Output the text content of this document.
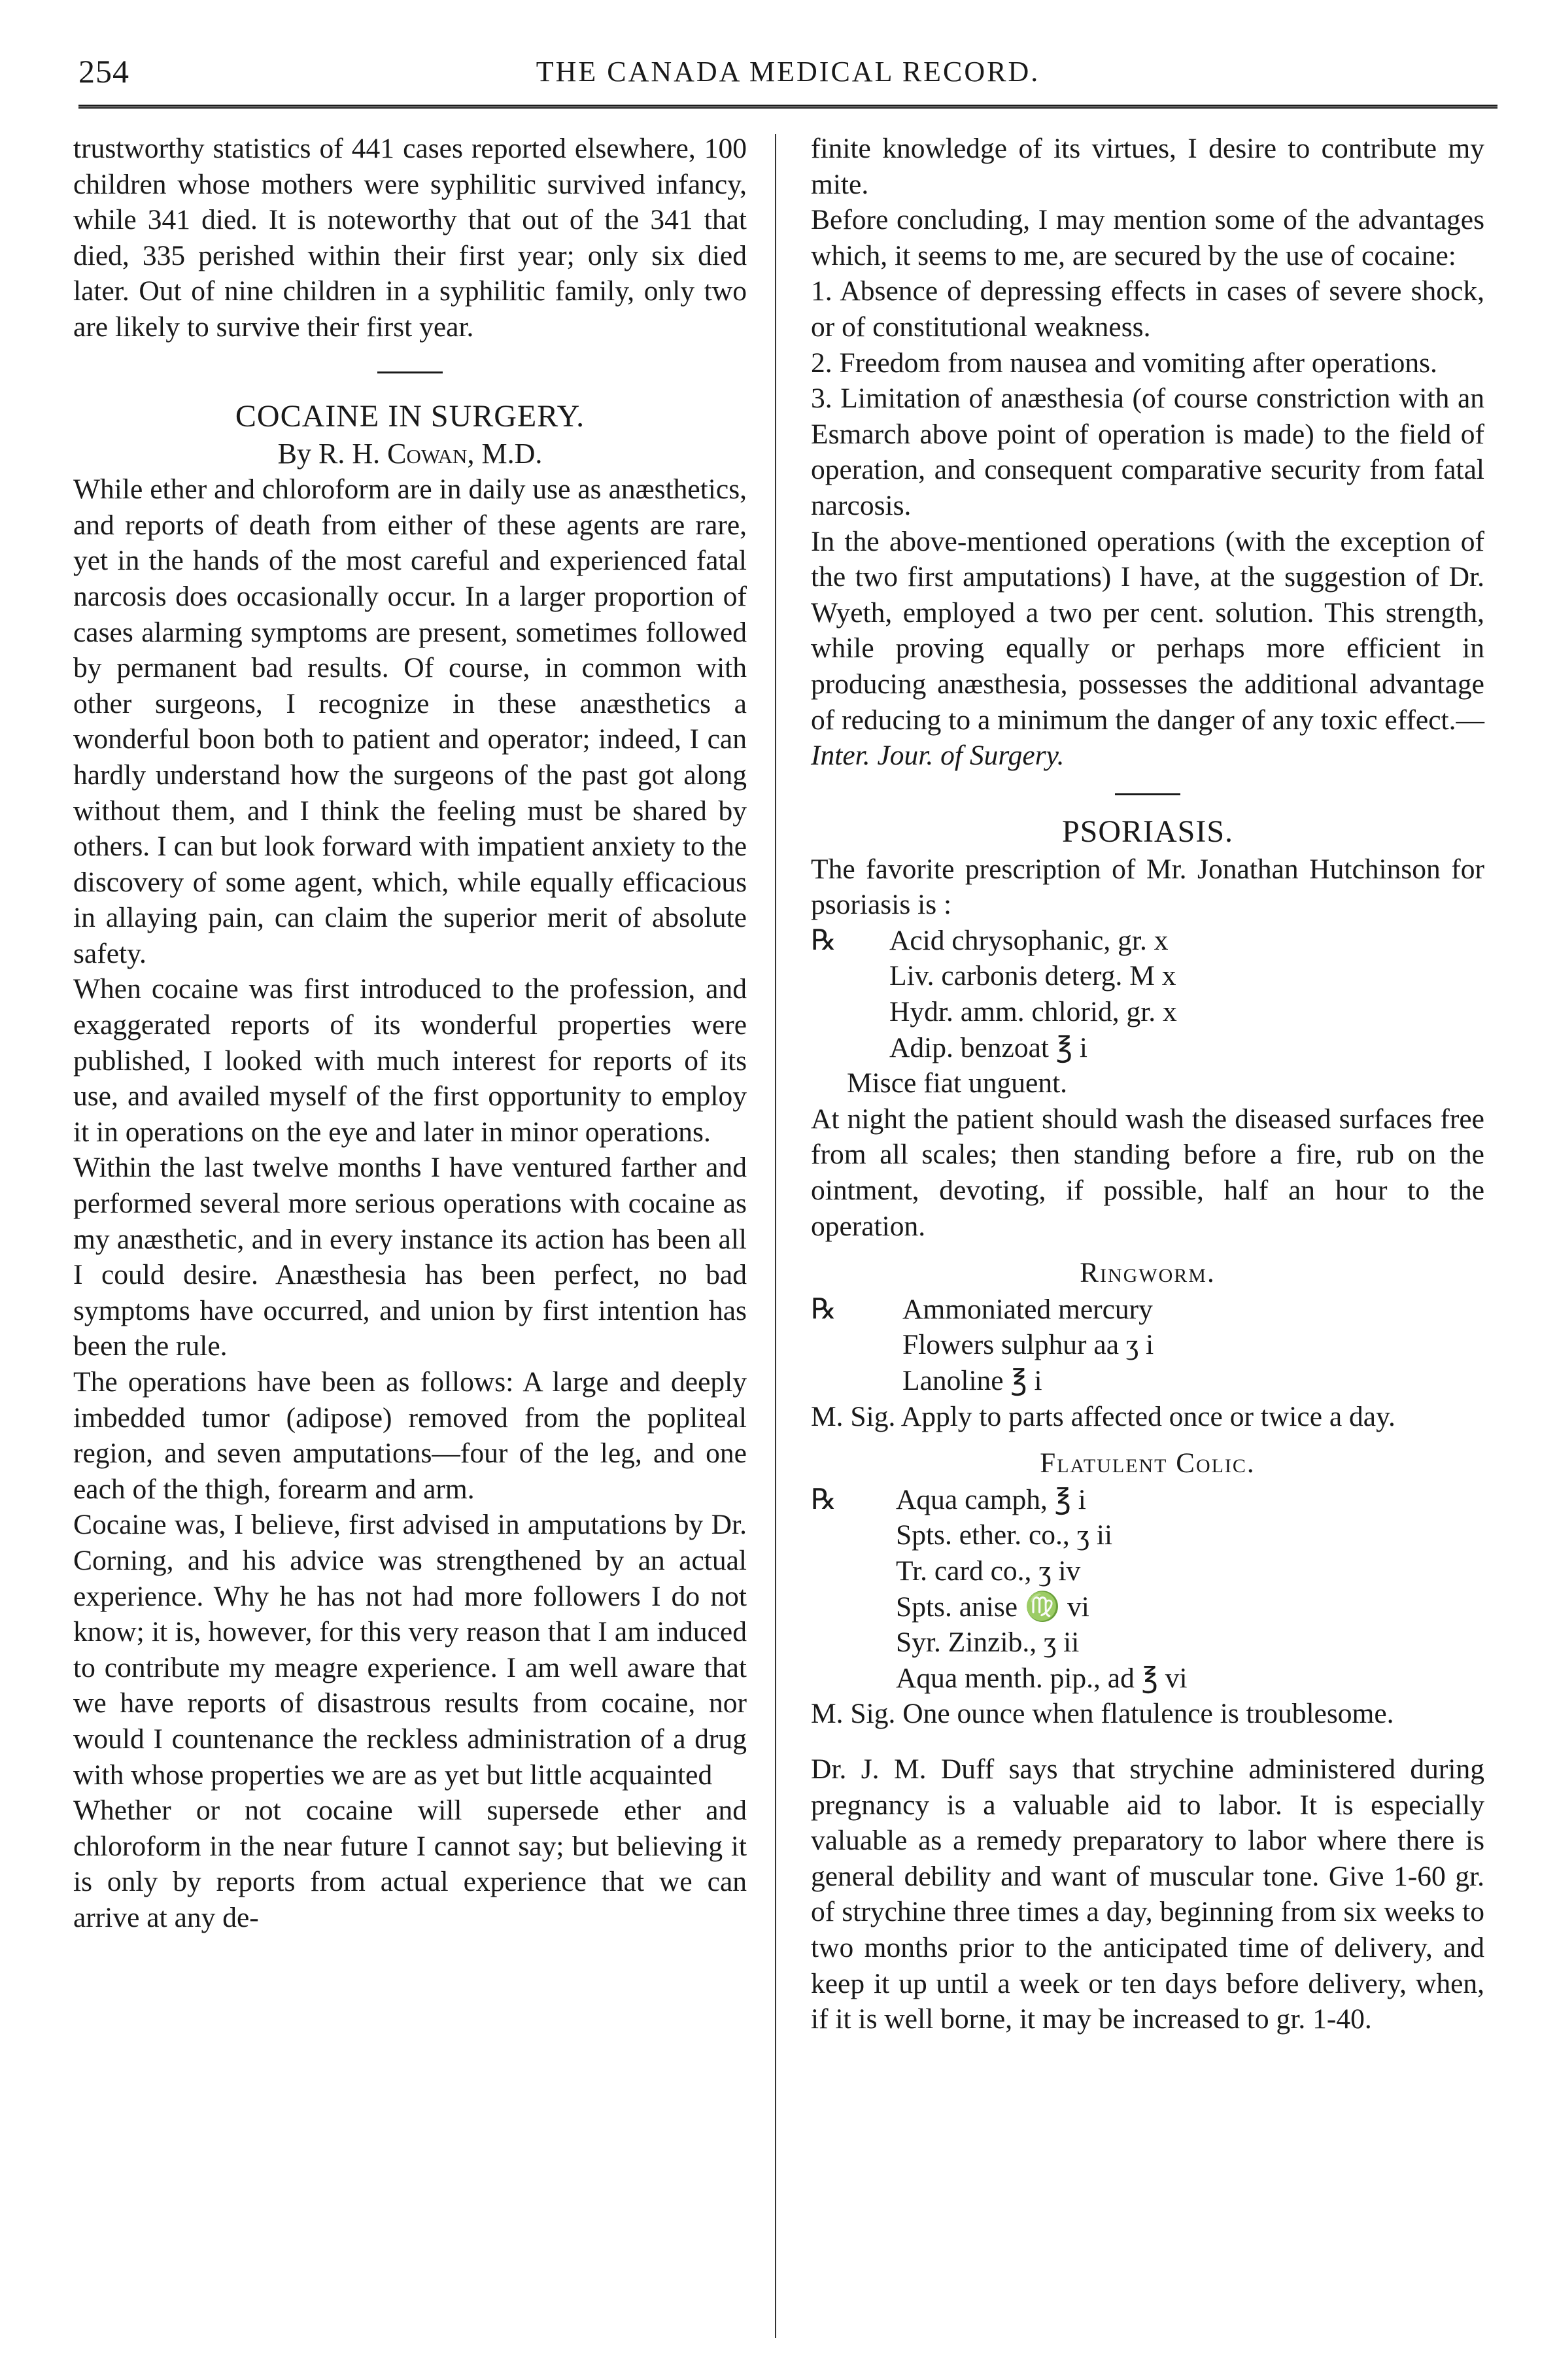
254	THE CANADA MEDICAL RECORD.

trustworthy statistics of 441 cases reported elsewhere, 100 children whose mothers were syphilitic survived infancy, while 341 died. It is noteworthy that out of the 341 that died, 335 perished within their first year; only six died later. Out of nine children in a syphilitic family, only two are likely to survive their first year.

COCAINE IN SURGERY.

By R. H. Cowan, M.D.

While ether and chloroform are in daily use as anæsthetics, and reports of death from either of these agents are rare, yet in the hands of the most careful and experienced fatal narcosis does occasionally occur. In a larger proportion of cases alarming symptoms are present, sometimes followed by permanent bad results. Of course, in common with other surgeons, I recognize in these anæsthetics a wonderful boon both to patient and operator; indeed, I can hardly understand how the surgeons of the past got along without them, and I think the feeling must be shared by others. I can but look forward with impatient anxiety to the discovery of some agent, which, while equally efficacious in allaying pain, can claim the superior merit of absolute safety.

When cocaine was first introduced to the profession, and exaggerated reports of its wonderful properties were published, I looked with much interest for reports of its use, and availed myself of the first opportunity to employ it in operations on the eye and later in minor operations.

Within the last twelve months I have ventured farther and performed several more serious operations with cocaine as my anæsthetic, and in every instance its action has been all I could desire. Anæsthesia has been perfect, no bad symptoms have occurred, and union by first intention has been the rule.

The operations have been as follows: A large and deeply imbedded tumor (adipose) removed from the popliteal region, and seven amputations—four of the leg, and one each of the thigh, forearm and arm.

Cocaine was, I believe, first advised in amputations by Dr. Corning, and his advice was strengthened by an actual experience. Why he has not had more followers I do not know; it is, however, for this very reason that I am induced to contribute my meagre experience. I am well aware that we have reports of disastrous results from cocaine, nor would I countenance the reckless administration of a drug with whose properties we are as yet but little acquainted

Whether or not cocaine will supersede ether and chloroform in the near future I cannot say; but believing it is only by reports from actual experience that we can arrive at any de-

finite knowledge of its virtues, I desire to contribute my mite.

Before concluding, I may mention some of the advantages which, it seems to me, are secured by the use of cocaine:

1. Absence of depressing effects in cases of severe shock, or of constitutional weakness.

2. Freedom from nausea and vomiting after operations.

3. Limitation of anæsthesia (of course constriction with an Esmarch above point of operation is made) to the field of operation, and consequent comparative security from fatal narcosis.

In the above-mentioned operations (with the exception of the two first amputations) I have, at the suggestion of Dr. Wyeth, employed a two per cent. solution. This strength, while proving equally or perhaps more efficient in producing anæsthesia, possesses the additional advantage of reducing to a minimum the danger of any toxic effect.—Inter. Jour. of Surgery.

PSORIASIS.

The favorite prescription of Mr. Jonathan Hutchinson for psoriasis is :

℞	Acid chrysophanic, gr. x

Liv. carbonis deterg. M x

Hydr. amm. chlorid, gr. x

Adip. benzoat ℥ i

Misce fiat unguent.

At night the patient should wash the diseased surfaces free from all scales; then standing before a fire, rub on the ointment, devoting, if possible, half an hour to the operation.

Ringworm.

℞	Ammoniated mercury

Flowers sulphur aa ʒ i

Lanoline ℥ i

M. Sig. Apply to parts affected once or twice a day.

Flatulent Colic.

℞	Aqua camph, ℥ i

Spts. ether. co., ʒ ii

Tr. card co., ʒ iv

Spts. anise ♍ vi

Syr. Zinzib., ʒ ii

Aqua menth. pip., ad ℥ vi

M. Sig. One ounce when flatulence is troublesome.

Dr. J. M. Duff says that strychine administered during pregnancy is a valuable aid to labor. It is especially valuable as a remedy preparatory to labor where there is general debility and want of muscular tone. Give 1-60 gr. of strychine three times a day, beginning from six weeks to two months prior to the anticipated time of delivery, and keep it up until a week or ten days before delivery, when, if it is well borne, it may be increased to gr. 1-40.
